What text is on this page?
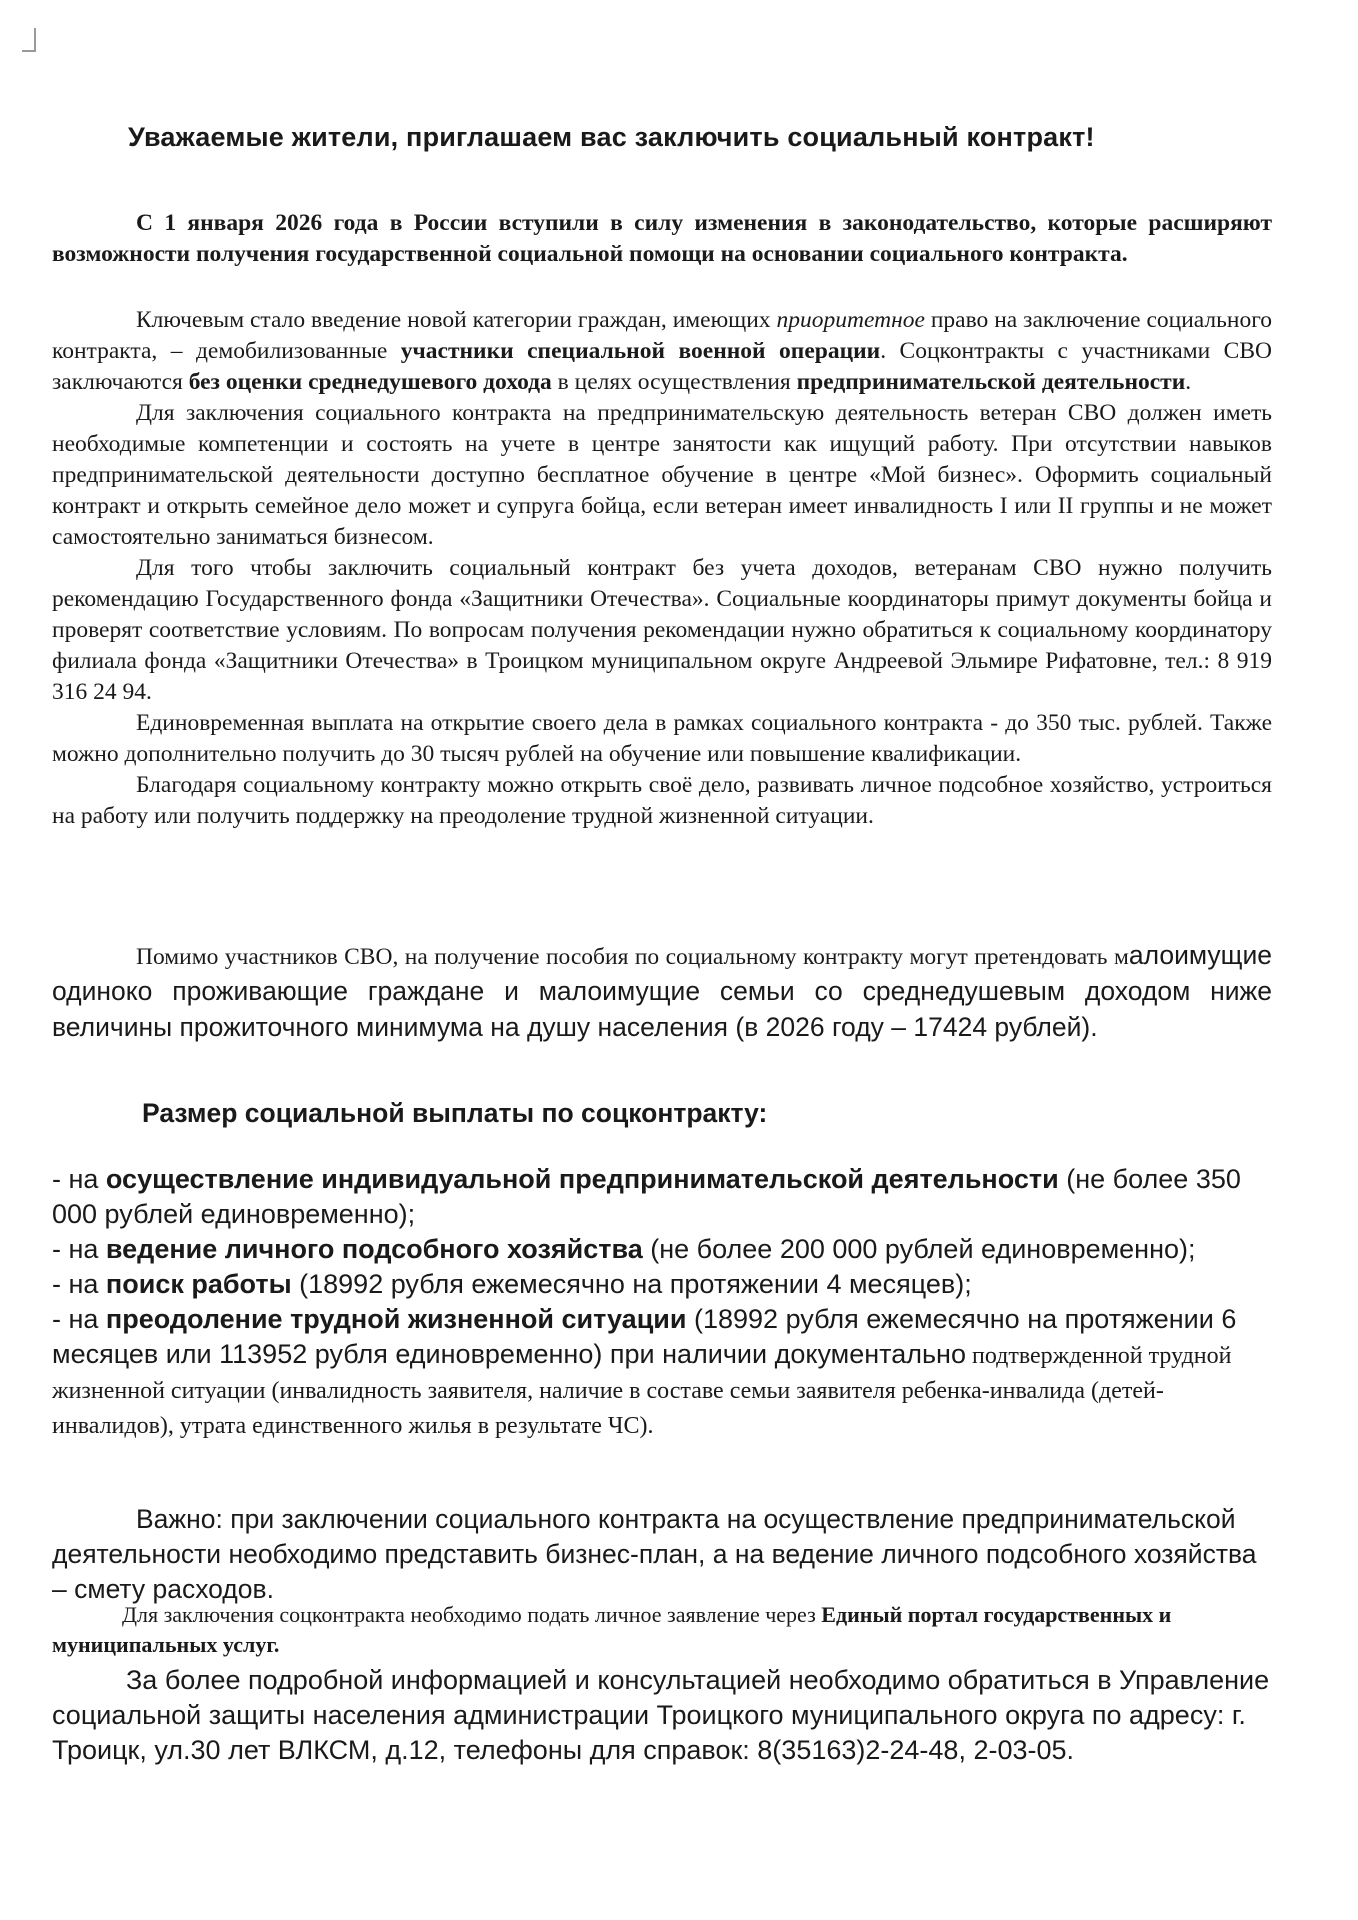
Уважаемые жители, приглашаем вас заключить социальный контракт!

С 1 января 2026 года в России вступили в силу изменения в законодательство, которые расширяют возможности получения государственной социальной помощи на основании социального контракта.

Ключевым стало введение новой категории граждан, имеющих приоритетное право на заключение социального контракта, – демобилизованные участники специальной военной операции. Соцконтракты с участниками СВО заключаются без оценки среднедушевого дохода в целях осуществления предпринимательской деятельности.

Для заключения социального контракта на предпринимательскую деятельность ветеран СВО должен иметь необходимые компетенции и состоять на учете в центре занятости как ищущий работу. При отсутствии навыков предпринимательской деятельности доступно бесплатное обучение в центре «Мой бизнес». Оформить социальный контракт и открыть семейное дело может и супруга бойца, если ветеран имеет инвалидность I или II группы и не может самостоятельно заниматься бизнесом.

Для того чтобы заключить социальный контракт без учета доходов, ветеранам СВО нужно получить рекомендацию Государственного фонда «Защитники Отечества». Социальные координаторы примут документы бойца и проверят соответствие условиям. По вопросам получения рекомендации нужно обратиться к социальному координатору филиала фонда «Защитники Отечества» в Троицком муниципальном округе Андреевой Эльмире Рифатовне, тел.: 8 919 316 24 94.

Единовременная выплата на открытие своего дела в рамках социального контракта - до 350 тыс. рублей. Также можно дополнительно получить до 30 тысяч рублей на обучение или повышение квалификации.

Благодаря социальному контракту можно открыть своё дело, развивать личное подсобное хозяйство, устроиться на работу или получить поддержку на преодоление трудной жизненной ситуации.

Помимо участников СВО, на получение пособия по социальному контракту могут претендовать малоимущие одиноко проживающие граждане и малоимущие семьи со среднедушевым доходом ниже величины прожиточного минимума на душу населения (в 2026 году – 17424 рублей).
Размер социальной выплаты по соцконтракту:

- на осуществление индивидуальной предпринимательской деятельности (не более 350 000 рублей единовременно);

- на ведение личного подсобного хозяйства (не более 200 000 рублей единовременно);

- на поиск работы (18992 рубля ежемесячно на протяжении 4 месяцев);

- на преодоление трудной жизненной ситуации (18992 рубля ежемесячно на протяжении 6 месяцев или 113952 рубля единовременно) при наличии документально подтвержденной трудной жизненной ситуации (инвалидность заявителя, наличие в составе семьи заявителя ребенка-инвалида (детей-инвалидов), утрата единственного жилья в результате ЧС).

Важно: при заключении социального контракта на осуществление предпринимательской деятельности необходимо представить бизнес-план, а на ведение личного подсобного хозяйства – смету расходов.
Для заключения соцконтракта необходимо подать личное заявление через Единый портал государственных и муниципальных услуг.
За более подробной информацией и консультацией необходимо обратиться в Управление социальной защиты населения администрации Троицкого муниципального округа по адресу: г. Троицк, ул.30 лет ВЛКСМ, д.12, телефоны для справок: 8(35163)2-24-48, 2-03-05.
